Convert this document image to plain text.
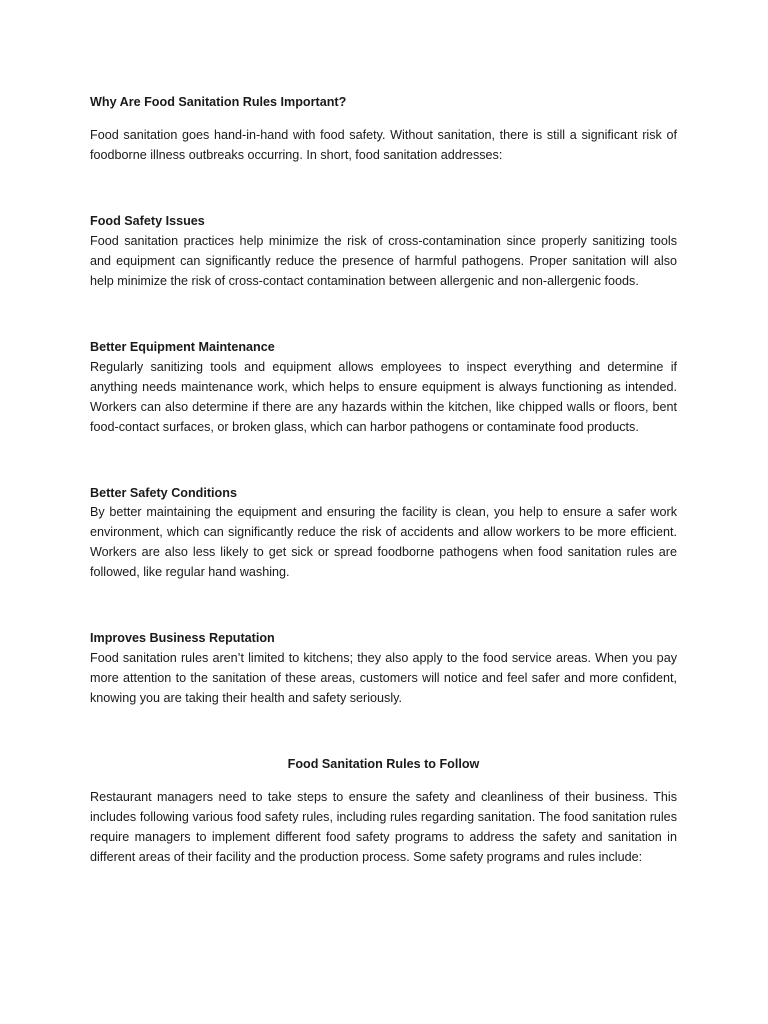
Why Are Food Sanitation Rules Important?

Food sanitation goes hand-in-hand with food safety. Without sanitation, there is still a significant risk of foodborne illness outbreaks occurring. In short, food sanitation addresses:

Food Safety Issues

Food sanitation practices help minimize the risk of cross-contamination since properly sanitizing tools and equipment can significantly reduce the presence of harmful pathogens. Proper sanitation will also help minimize the risk of cross-contact contamination between allergenic and non-allergenic foods.

Better Equipment Maintenance

Regularly sanitizing tools and equipment allows employees to inspect everything and determine if anything needs maintenance work, which helps to ensure equipment is always functioning as intended. Workers can also determine if there are any hazards within the kitchen, like chipped walls or floors, bent food-contact surfaces, or broken glass, which can harbor pathogens or contaminate food products.

Better Safety Conditions

By better maintaining the equipment and ensuring the facility is clean, you help to ensure a safer work environment, which can significantly reduce the risk of accidents and allow workers to be more efficient. Workers are also less likely to get sick or spread foodborne pathogens when food sanitation rules are followed, like regular hand washing.

Improves Business Reputation

Food sanitation rules aren’t limited to kitchens; they also apply to the food service areas. When you pay more attention to the sanitation of these areas, customers will notice and feel safer and more confident, knowing you are taking their health and safety seriously.

Food Sanitation Rules to Follow

Restaurant managers need to take steps to ensure the safety and cleanliness of their business. This includes following various food safety rules, including rules regarding sanitation. The food sanitation rules require managers to implement different food safety programs to address the safety and sanitation in different areas of their facility and the production process. Some safety programs and rules include:
